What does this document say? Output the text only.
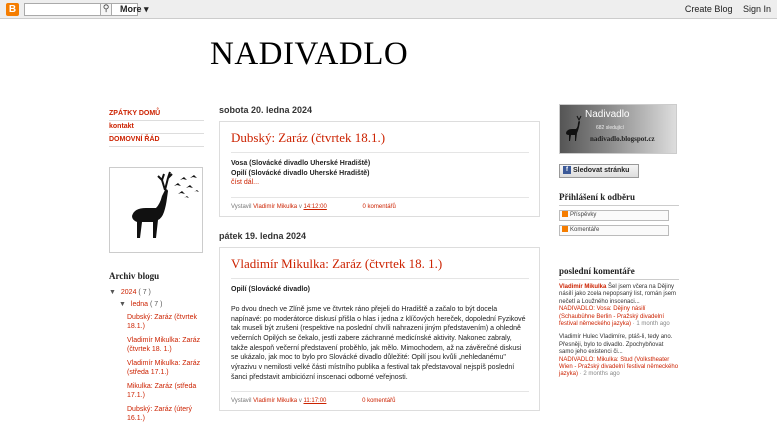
B	⚲	More ▾	Create Blog Sign In
NADIVADLO
ZPÁTKY DOMŮ
kontakt
DOMOVNÍ ŘÁD
Archiv blogu
▼ 2024 ( 7 )
▼ ledna ( 7 )
Dubský: Zaráz (čtvrtek 18.1.)
Vladimír Mikulka: Zaráz (čtvrtek 18. 1.)
Vladimír Mikulka: Zaráz (středa 17.1.)
Mikulka: Zaráz (středa 17.1.)
Dubský: Zaráz (úterý 16.1.)
sobota 20. ledna 2024
Dubský: Zaráz (čtvrtek 18.1.)
Vosa (Slovácké divadlo Uherské Hradiště)
Opilí (Slovácké divadlo Uherské Hradiště)
číst dál...
Vystavil Vladimír Mikulka v 14:12:00	0 komentářů
pátek 19. ledna 2024
Vladimír Mikulka: Zaráz (čtvrtek 18. 1.)
Opilí (Slovácké divadlo)
Po dvou dnech ve Zlíně jsme ve čtvrtek ráno přejeli do Hradiště a začalo to být docela napínavé: po moderátorce diskusí přišla o hlas i jedna z klíčových hereček, dopolední Fyzikové tak museli být zrušeni (respektive na poslední chvíli nahrazeni jiným představením) a ohledně večerních Opilých se čekalo, jestli zabere záchranné medicínské aktivity. Nakonec zabraly, takže alespoň večerní představení proběhlo, jak mělo. Mimochodem, až na závěrečné diskusi se ukázalo, jak moc to bylo pro Slovácké divadlo důležité: Opilí jsou kvůli „nehledanému" výrazivu v nemilosti velké části místního publika a festival tak představoval nejspíš poslední šanci představit ambiciózní inscenaci odborné veřejnosti.
Vystavil Vladimír Mikulka v 11:17:00	0 komentářů
Nadivadlo
682 sledující
nadivadlo.blogspot.cz
f Sledovat stránku
Přihlášení k odběru
Příspěvky
Komentáře
poslední komentáře
Vladimír Mikulka Šel jsem včera na Dějiny násilí jako zcela nepopsaný list, román jsem nečetl a Loužného inscenaci...
NADIVADLO: Vosa: Dějiny násilí (Schaubühne Berlin - Pražský divadelní festival německého jazyka) · 1 month ago
Vladimír Hulec Vladimíre, ptáš-li, tedy ano. Přesněji, bylo to divadlo. Zpochybňovat samo jeho existenci či...
NADIVADLO: Mikulka: Stud (Volkstheater Wien - Pražský divadelní festival německého jazyka) · 2 months ago
